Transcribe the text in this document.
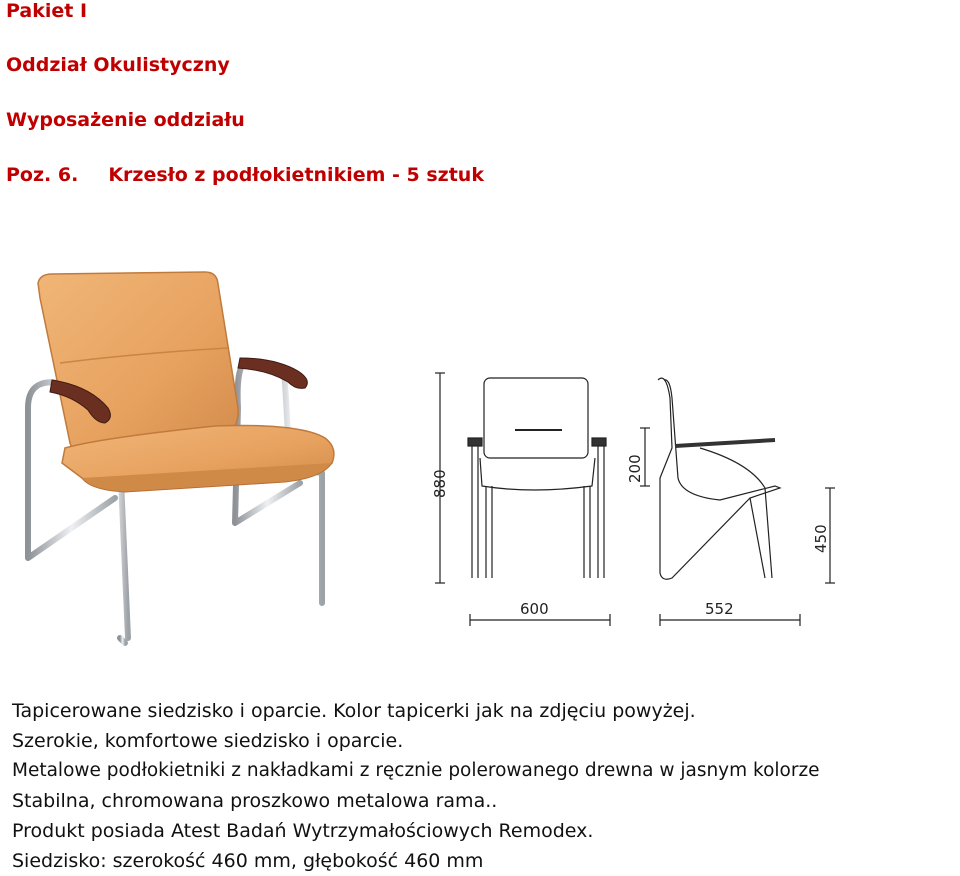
Pakiet I
Oddział Okulistyczny
Wyposażenie oddziału
Poz. 6. Krzesło z podłokietnikiem - 5 sztuk
880
200
450
600	552
Tapicerowane siedzisko i oparcie. Kolor tapicerki jak na zdjęciu powyżej.
Szerokie, komfortowe siedzisko i oparcie.
Metalowe podłokietniki z nakładkami z ręcznie polerowanego drewna w jasnym kolorze
Stabilna, chromowana proszkowo metalowa rama..
Produkt posiada Atest Badań Wytrzymałościowych Remodex.
Siedzisko: szerokość 460 mm, głębokość 460 mm
